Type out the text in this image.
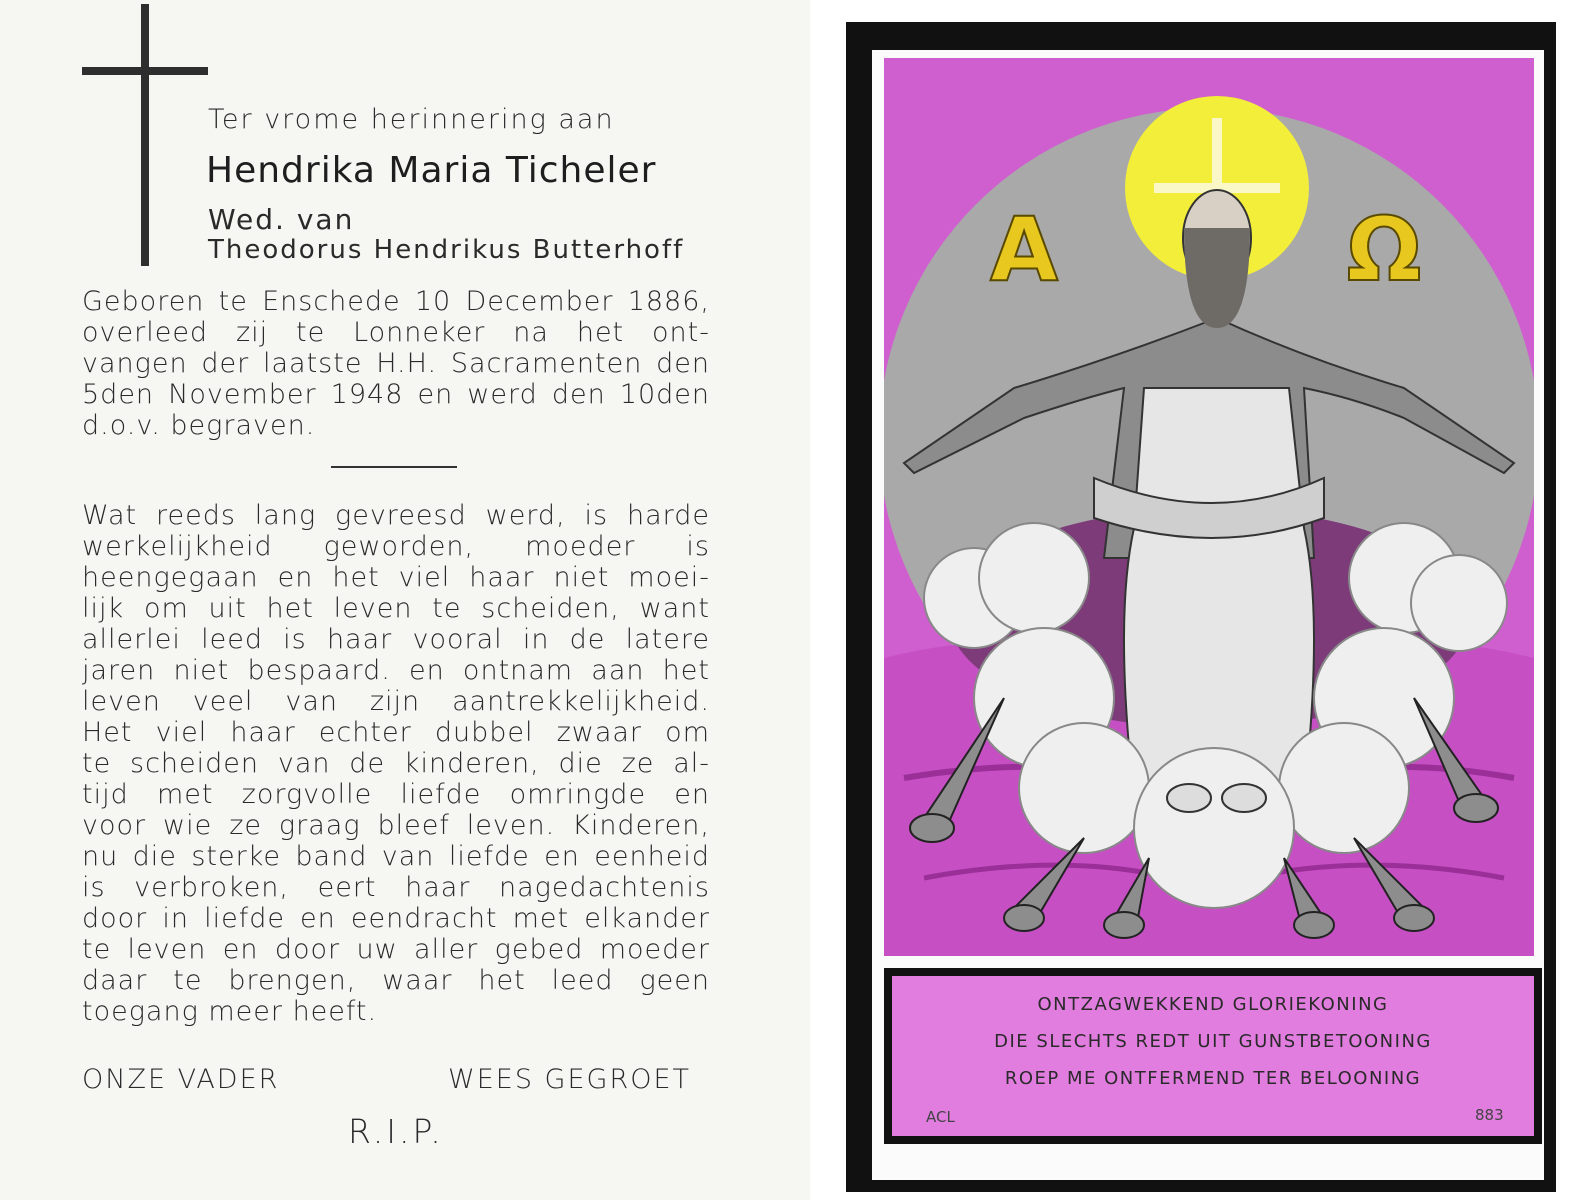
Ter vrome herinnering aan
Hendrika Maria Ticheler
Wed. van
Theodorus Hendrikus Butterhoff
Geboren te Enschede 10 December 1886,
overleed zij te Lonneker na het ont-
vangen der laatste H.H. Sacramenten den
5den November 1948 en werd den 10den
d.o.v. begraven.
Wat reeds lang gevreesd werd, is harde
werkelijkheid geworden, moeder is
heengegaan en het viel haar niet moei-
lijk om uit het leven te scheiden, want
allerlei leed is haar vooral in de latere
jaren niet bespaard. en ontnam aan het
leven veel van zijn aantrekkelijkheid.
Het viel haar echter dubbel zwaar om
te scheiden van de kinderen, die ze al-
tijd met zorgvolle liefde omringde en
voor wie ze graag bleef leven. Kinderen,
nu die sterke band van liefde en eenheid
is verbroken, eert haar nagedachtenis
door in liefde en eendracht met elkander
te leven en door uw aller gebed moeder
daar te brengen, waar het leed geen
toegang meer heeft.
ONZE VADER	WEES GEGROET
R.I.P.
Α	Ω
ONTZAGWEKKEND GLORIEKONING
DIE SLECHTS REDT UIT GUNSTBETOONING
ROEP ME ONTFERMEND TER BELOONING
ACL	883
